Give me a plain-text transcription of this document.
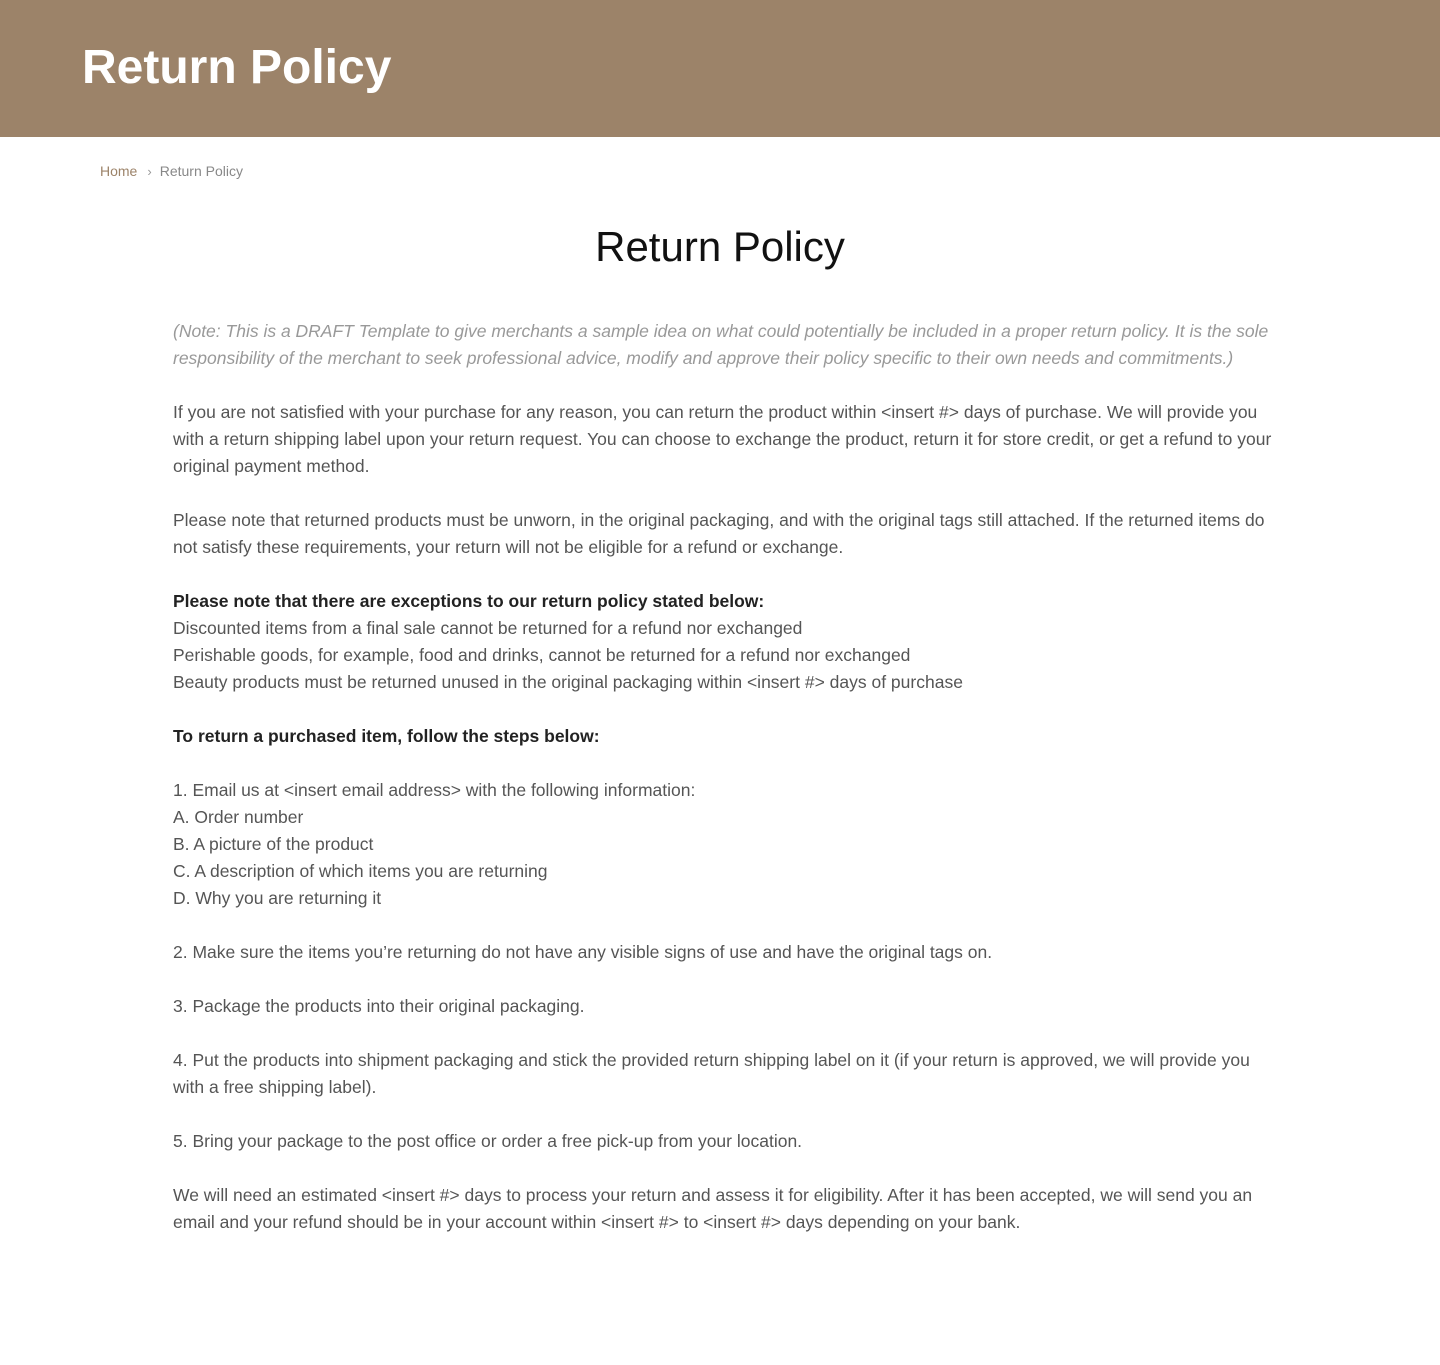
Return Policy
Home › Return Policy
Return Policy

(Note: This is a DRAFT Template to give merchants a sample idea on what could potentially be included in a proper return policy. It is the sole responsibility of the merchant to seek professional advice, modify and approve their policy specific to their own needs and commitments.)

If you are not satisfied with your purchase for any reason, you can return the product within <insert #> days of purchase. We will provide you with a return shipping label upon your return request. You can choose to exchange the product, return it for store credit, or get a refund to your original payment method.

Please note that returned products must be unworn, in the original packaging, and with the original tags still attached. If the returned items do not satisfy these requirements, your return will not be eligible for a refund or exchange.

Please note that there are exceptions to our return policy stated below:
Discounted items from a final sale cannot be returned for a refund nor exchanged
Perishable goods, for example, food and drinks, cannot be returned for a refund nor exchanged
Beauty products must be returned unused in the original packaging within <insert #> days of purchase

To return a purchased item, follow the steps below:

1. Email us at <insert email address> with the following information:
A. Order number
B. A picture of the product
C. A description of which items you are returning
D. Why you are returning it

2. Make sure the items you’re returning do not have any visible signs of use and have the original tags on.

3. Package the products into their original packaging.

4. Put the products into shipment packaging and stick the provided return shipping label on it (if your return is approved, we will provide you with a free shipping label).

5. Bring your package to the post office or order a free pick-up from your location.

We will need an estimated <insert #> days to process your return and assess it for eligibility. After it has been accepted, we will send you an email and your refund should be in your account within <insert #> to <insert #> days depending on your bank.
